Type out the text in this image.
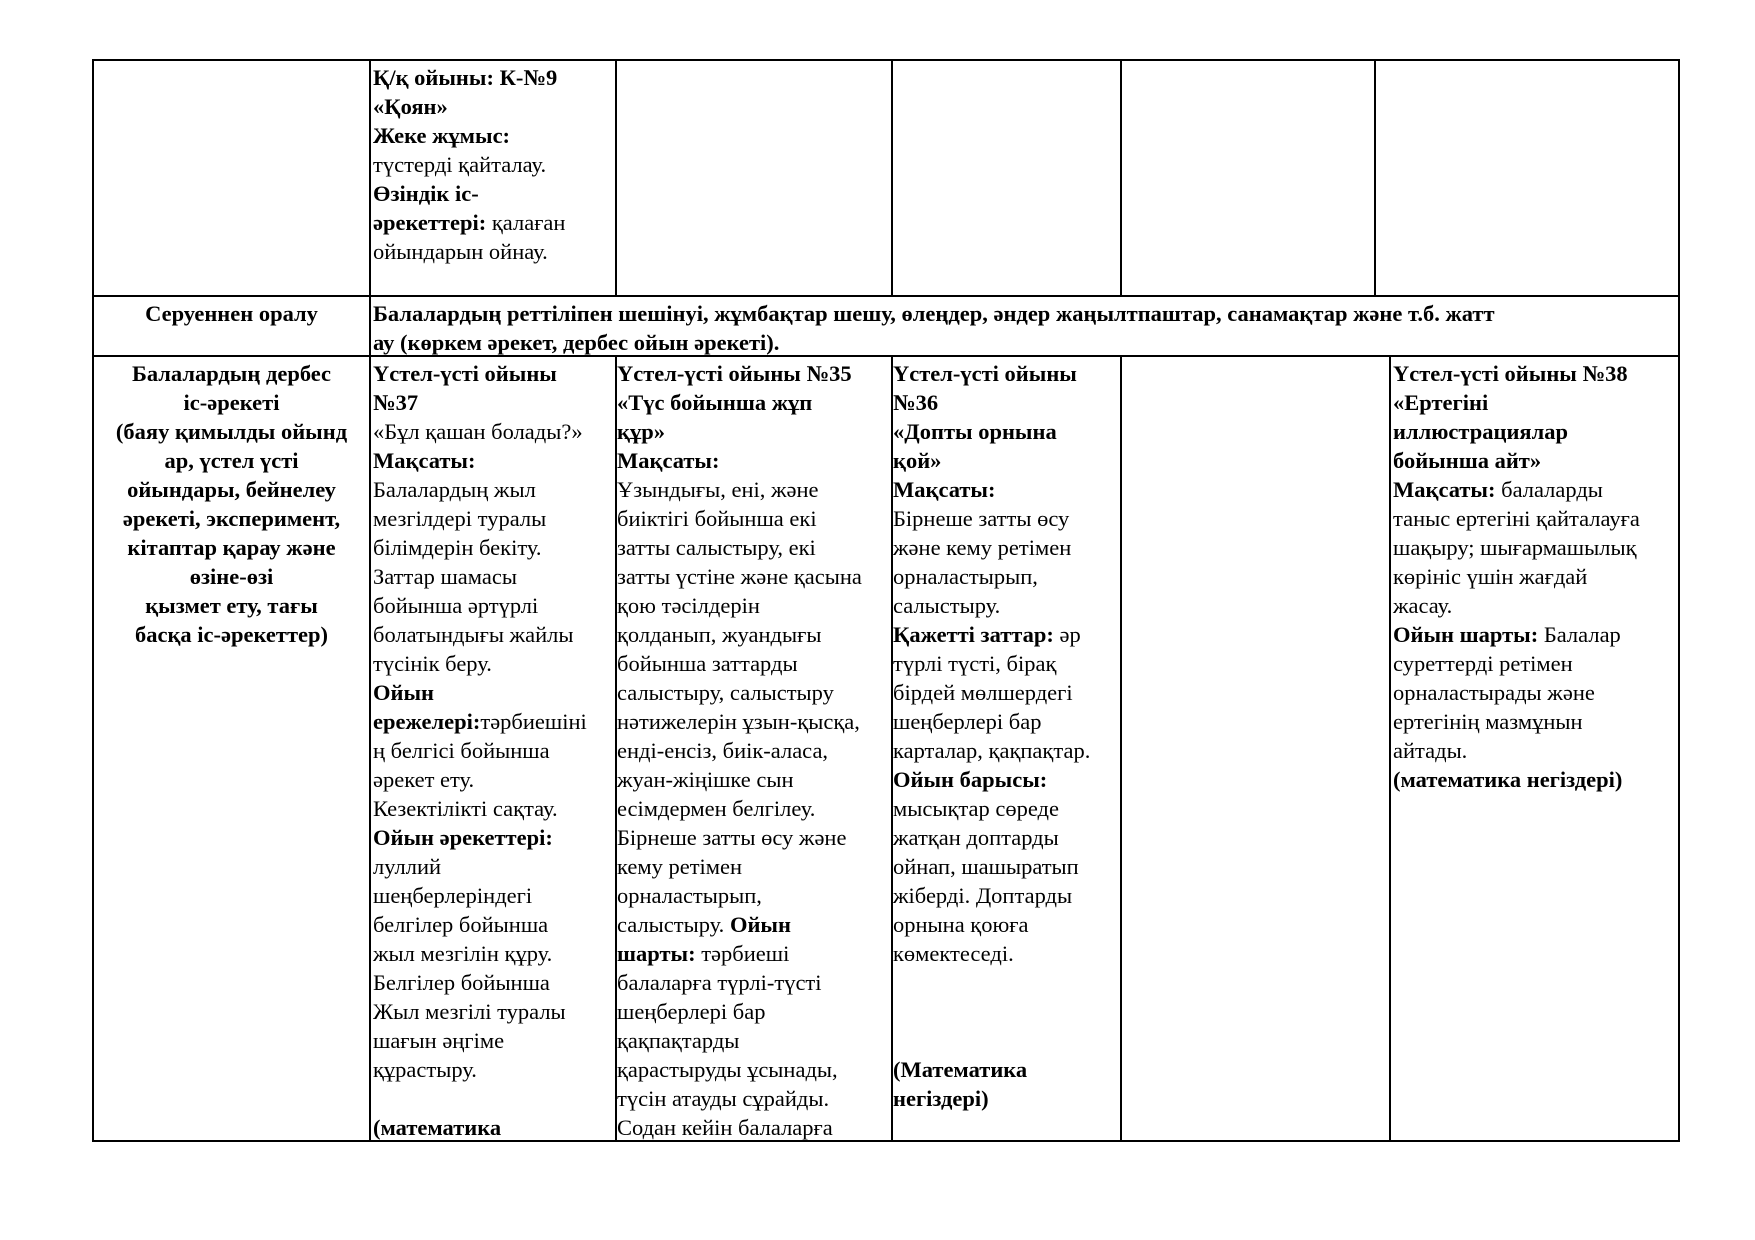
Қ/қ ойыны: К-№9
«Қоян»
Жеке жұмыс:
түстерді қайталау.
Өзіндік іс-
әрекеттері: қалаған
ойындарын ойнау.
Серуеннен оралу	Балалардың реттіліпен шешінуі, жұмбақтар шешу, өлеңдер, әндер жаңылтпаштар, санамақтар және т.б. жатт
ау (көркем әрекет, дербес ойын әрекеті).
Балалардың дербес
іс-әрекеті
(баяу қимылды ойынд
ар, үстел үсті
ойындары, бейнелеу
әрекеті, эксперимент,
кітаптар қарау және
өзіне-өзі
қызмет ету, тағы
басқа іс-әрекеттер)
Үстел-үсті ойыны
№37
«Бұл қашан болады?»
Мақсаты:
Балалардың жыл
мезгілдері туралы
білімдерін бекіту.
Заттар шамасы
бойынша әртүрлі
болатындығы жайлы
түсінік беру.
Ойын
ережелері:тәрбиешіні
ң белгісі бойынша
әрекет ету.
Кезектілікті сақтау.
Ойын әрекеттері:
луллий
шеңберлеріндегі
белгілер бойынша
жыл мезгілін құру.
Белгілер бойынша
Жыл мезгілі туралы
шағын әңгіме
құрастыру.

(математика
Үстел-үсті ойыны №35
«Түс бойынша жұп
құр»
Мақсаты:
Ұзындығы, ені, және
биіктігі бойынша екі
затты салыстыру, екі
затты үстіне және қасына
қою тәсілдерін
қолданып, жуандығы
бойынша заттарды
салыстыру, салыстыру
нәтижелерін ұзын-қысқа,
енді-енсіз, биік-аласа,
жуан-жіңішке сын
есімдермен белгілеу.
Бірнеше затты өсу және
кему ретімен
орналастырып,
салыстыру. Ойын
шарты: тәрбиеші
балаларға түрлі-түсті
шеңберлері бар
қақпақтарды
қарастыруды ұсынады,
түсін атауды сұрайды.
Содан кейін балаларға
Үстел-үсті ойыны
№36
«Допты орнына
қой»
Мақсаты:
Бірнеше затты өсу
және кему ретімен
орналастырып,
салыстыру.
Қажетті заттар: әр
түрлі түсті, бірақ
бірдей мөлшердегі
шеңберлері бар
карталар, қақпақтар.
Ойын барысы:
мысықтар сөреде
жатқан доптарды
ойнап, шашыратып
жіберді. Доптарды
орнына қоюға
көмектеседі.

(Математика
негіздері)
Үстел-үсті ойыны №38
«Ертегіні
иллюстрациялар
бойынша айт»
Мақсаты: балаларды
таныс ертегіні қайталауға
шақыру; шығармашылық
көрініс үшін жағдай
жасау.
Ойын шарты: Балалар
суреттерді ретімен
орналастырады және
ертегінің мазмұнын
айтады.
(математика негіздері)
